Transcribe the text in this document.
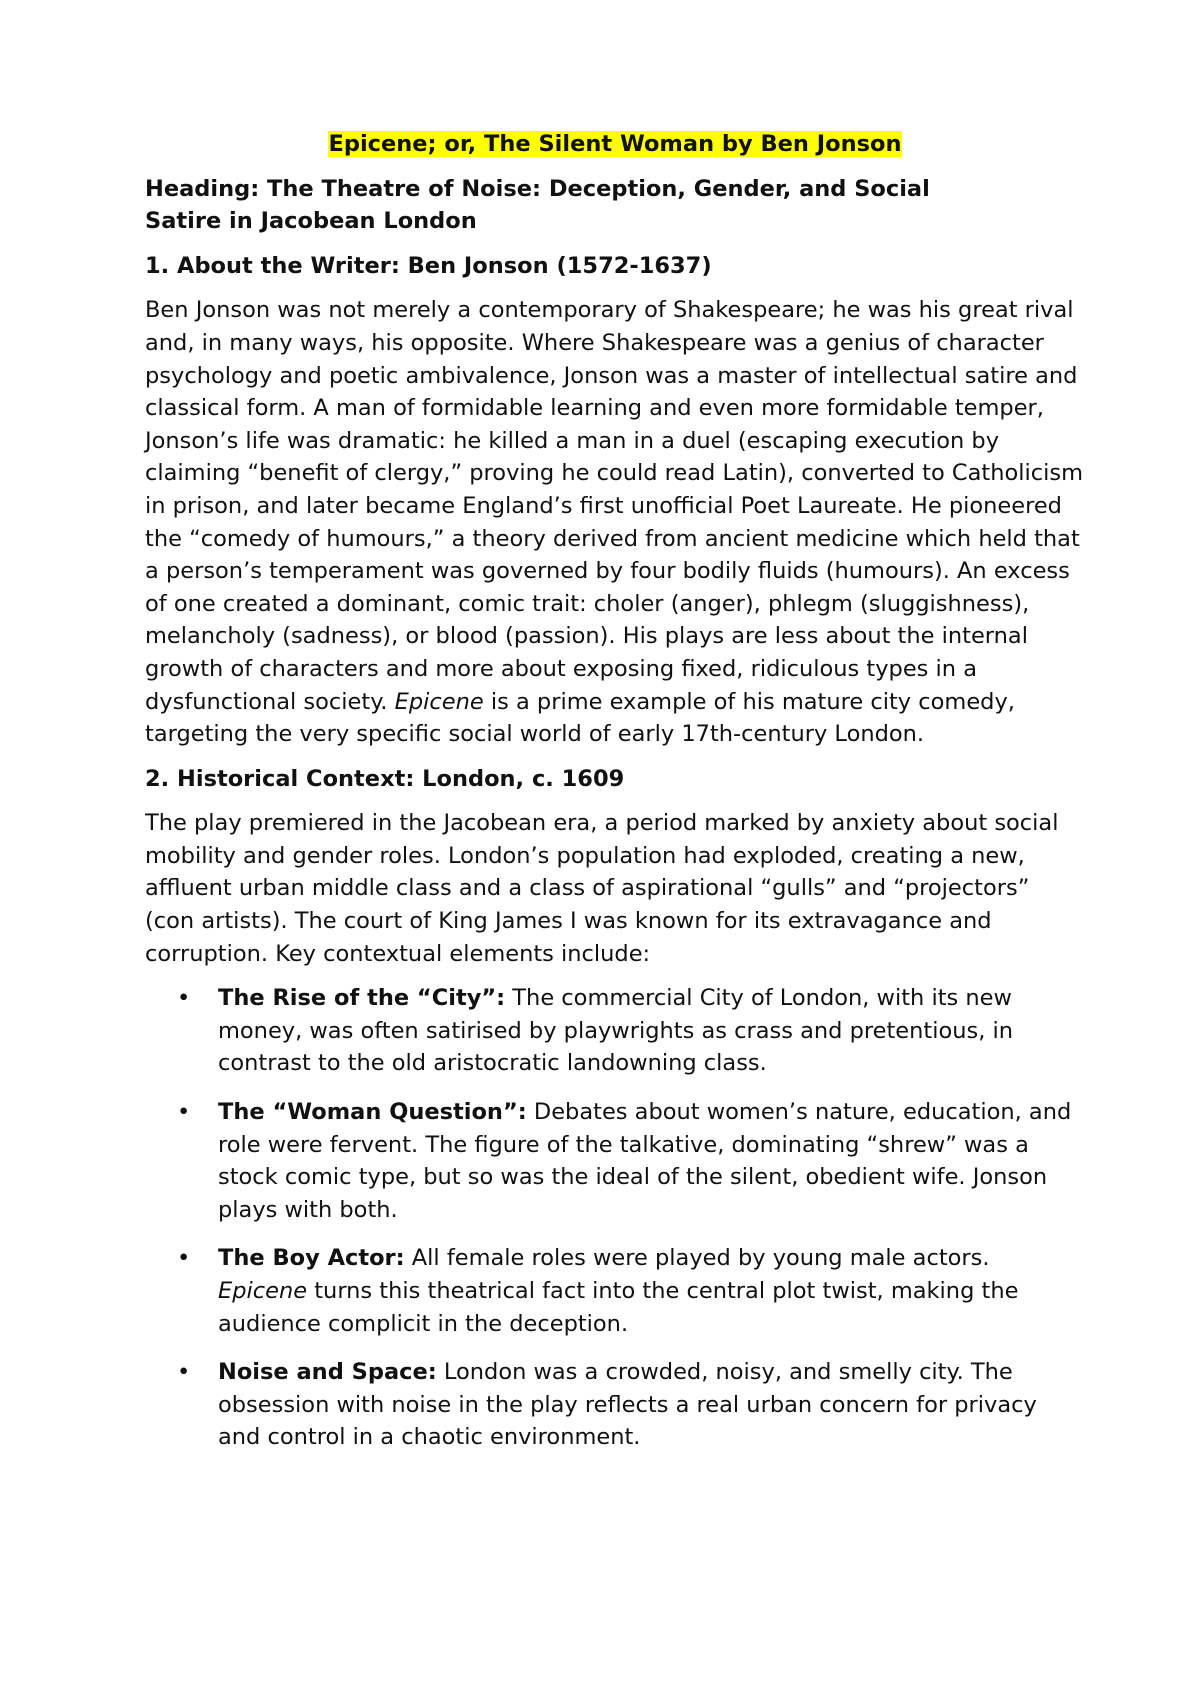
Epicene; or, The Silent Woman by Ben Jonson
Heading: The Theatre of Noise: Deception, Gender, and Social
Satire in Jacobean London
1. About the Writer: Ben Jonson (1572-1637)

Ben Jonson was not merely a contemporary of Shakespeare; he was his great rival and, in many ways, his opposite. Where Shakespeare was a genius of character psychology and poetic ambivalence, Jonson was a master of intellectual satire and classical form. A man of formidable learning and even more formidable temper, Jonson’s life was dramatic: he killed a man in a duel (escaping execution by claiming “benefit of clergy,” proving he could read Latin), converted to Catholicism in prison, and later became England’s first unofficial Poet Laureate. He pioneered the “comedy of humours,” a theory derived from ancient medicine which held that a person’s temperament was governed by four bodily fluids (humours). An excess of one created a dominant, comic trait: choler (anger), phlegm (sluggishness), melancholy (sadness), or blood (passion). His plays are less about the internal growth of characters and more about exposing fixed, ridiculous types in a dysfunctional society. Epicene is a prime example of his mature city comedy, targeting the very specific social world of early 17th-century London.

2. Historical Context: London, c. 1609

The play premiered in the Jacobean era, a period marked by anxiety about social mobility and gender roles. London’s population had exploded, creating a new, affluent urban middle class and a class of aspirational “gulls” and “projectors” (con artists). The court of King James I was known for its extravagance and corruption. Key contextual elements include:

• The Rise of the “City”: The commercial City of London, with its new money, was often satirised by playwrights as crass and pretentious, in contrast to the old aristocratic landowning class.
• The “Woman Question”: Debates about women’s nature, education, and role were fervent. The figure of the talkative, dominating “shrew” was a stock comic type, but so was the ideal of the silent, obedient wife. Jonson plays with both.
• The Boy Actor: All female roles were played by young male actors. Epicene turns this theatrical fact into the central plot twist, making the audience complicit in the deception.
• Noise and Space: London was a crowded, noisy, and smelly city. The obsession with noise in the play reflects a real urban concern for privacy and control in a chaotic environment.
